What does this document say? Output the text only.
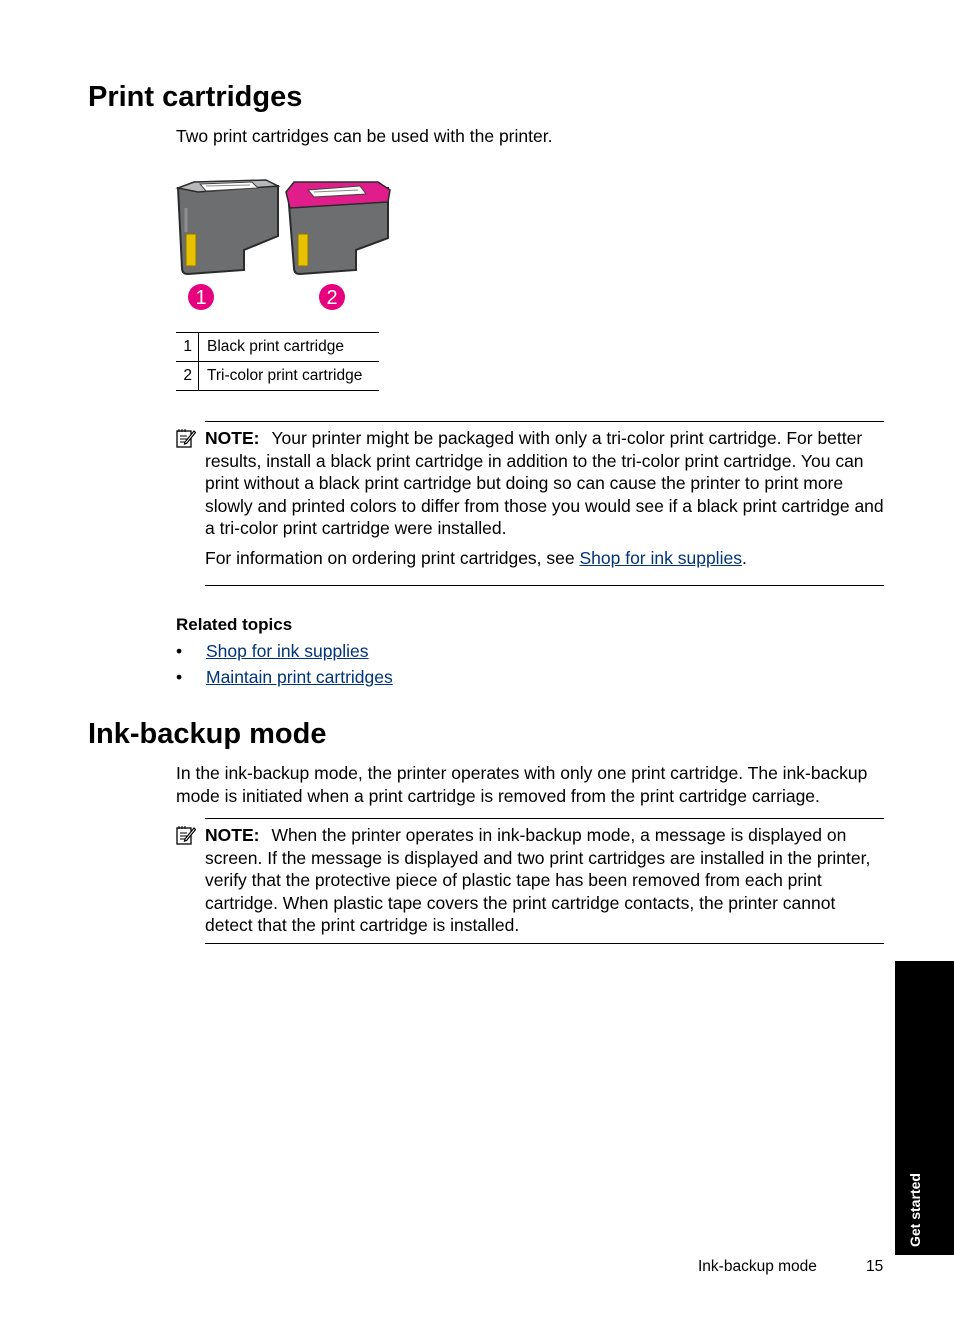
Print cartridges
Two print cartridges can be used with the printer.
1	2
1	Black print cartridge
2	Tri-color print cartridge
NOTE: Your printer might be packaged with only a tri-color print cartridge. For better results, install a black print cartridge in addition to the tri-color print cartridge. You can print without a black print cartridge but doing so can cause the printer to print more slowly and printed colors to differ from those you would see if a black print cartridge and a tri-color print cartridge were installed.
For information on ordering print cartridges, see Shop for ink supplies.
Related topics
• Shop for ink supplies
• Maintain print cartridges
Ink-backup mode
In the ink-backup mode, the printer operates with only one print cartridge. The ink-backup mode is initiated when a print cartridge is removed from the print cartridge carriage.
NOTE: When the printer operates in ink-backup mode, a message is displayed on screen. If the message is displayed and two print cartridges are installed in the printer, verify that the protective piece of plastic tape has been removed from each print cartridge. When plastic tape covers the print cartridge contacts, the printer cannot detect that the print cartridge is installed.
Get started
Ink-backup mode	15
